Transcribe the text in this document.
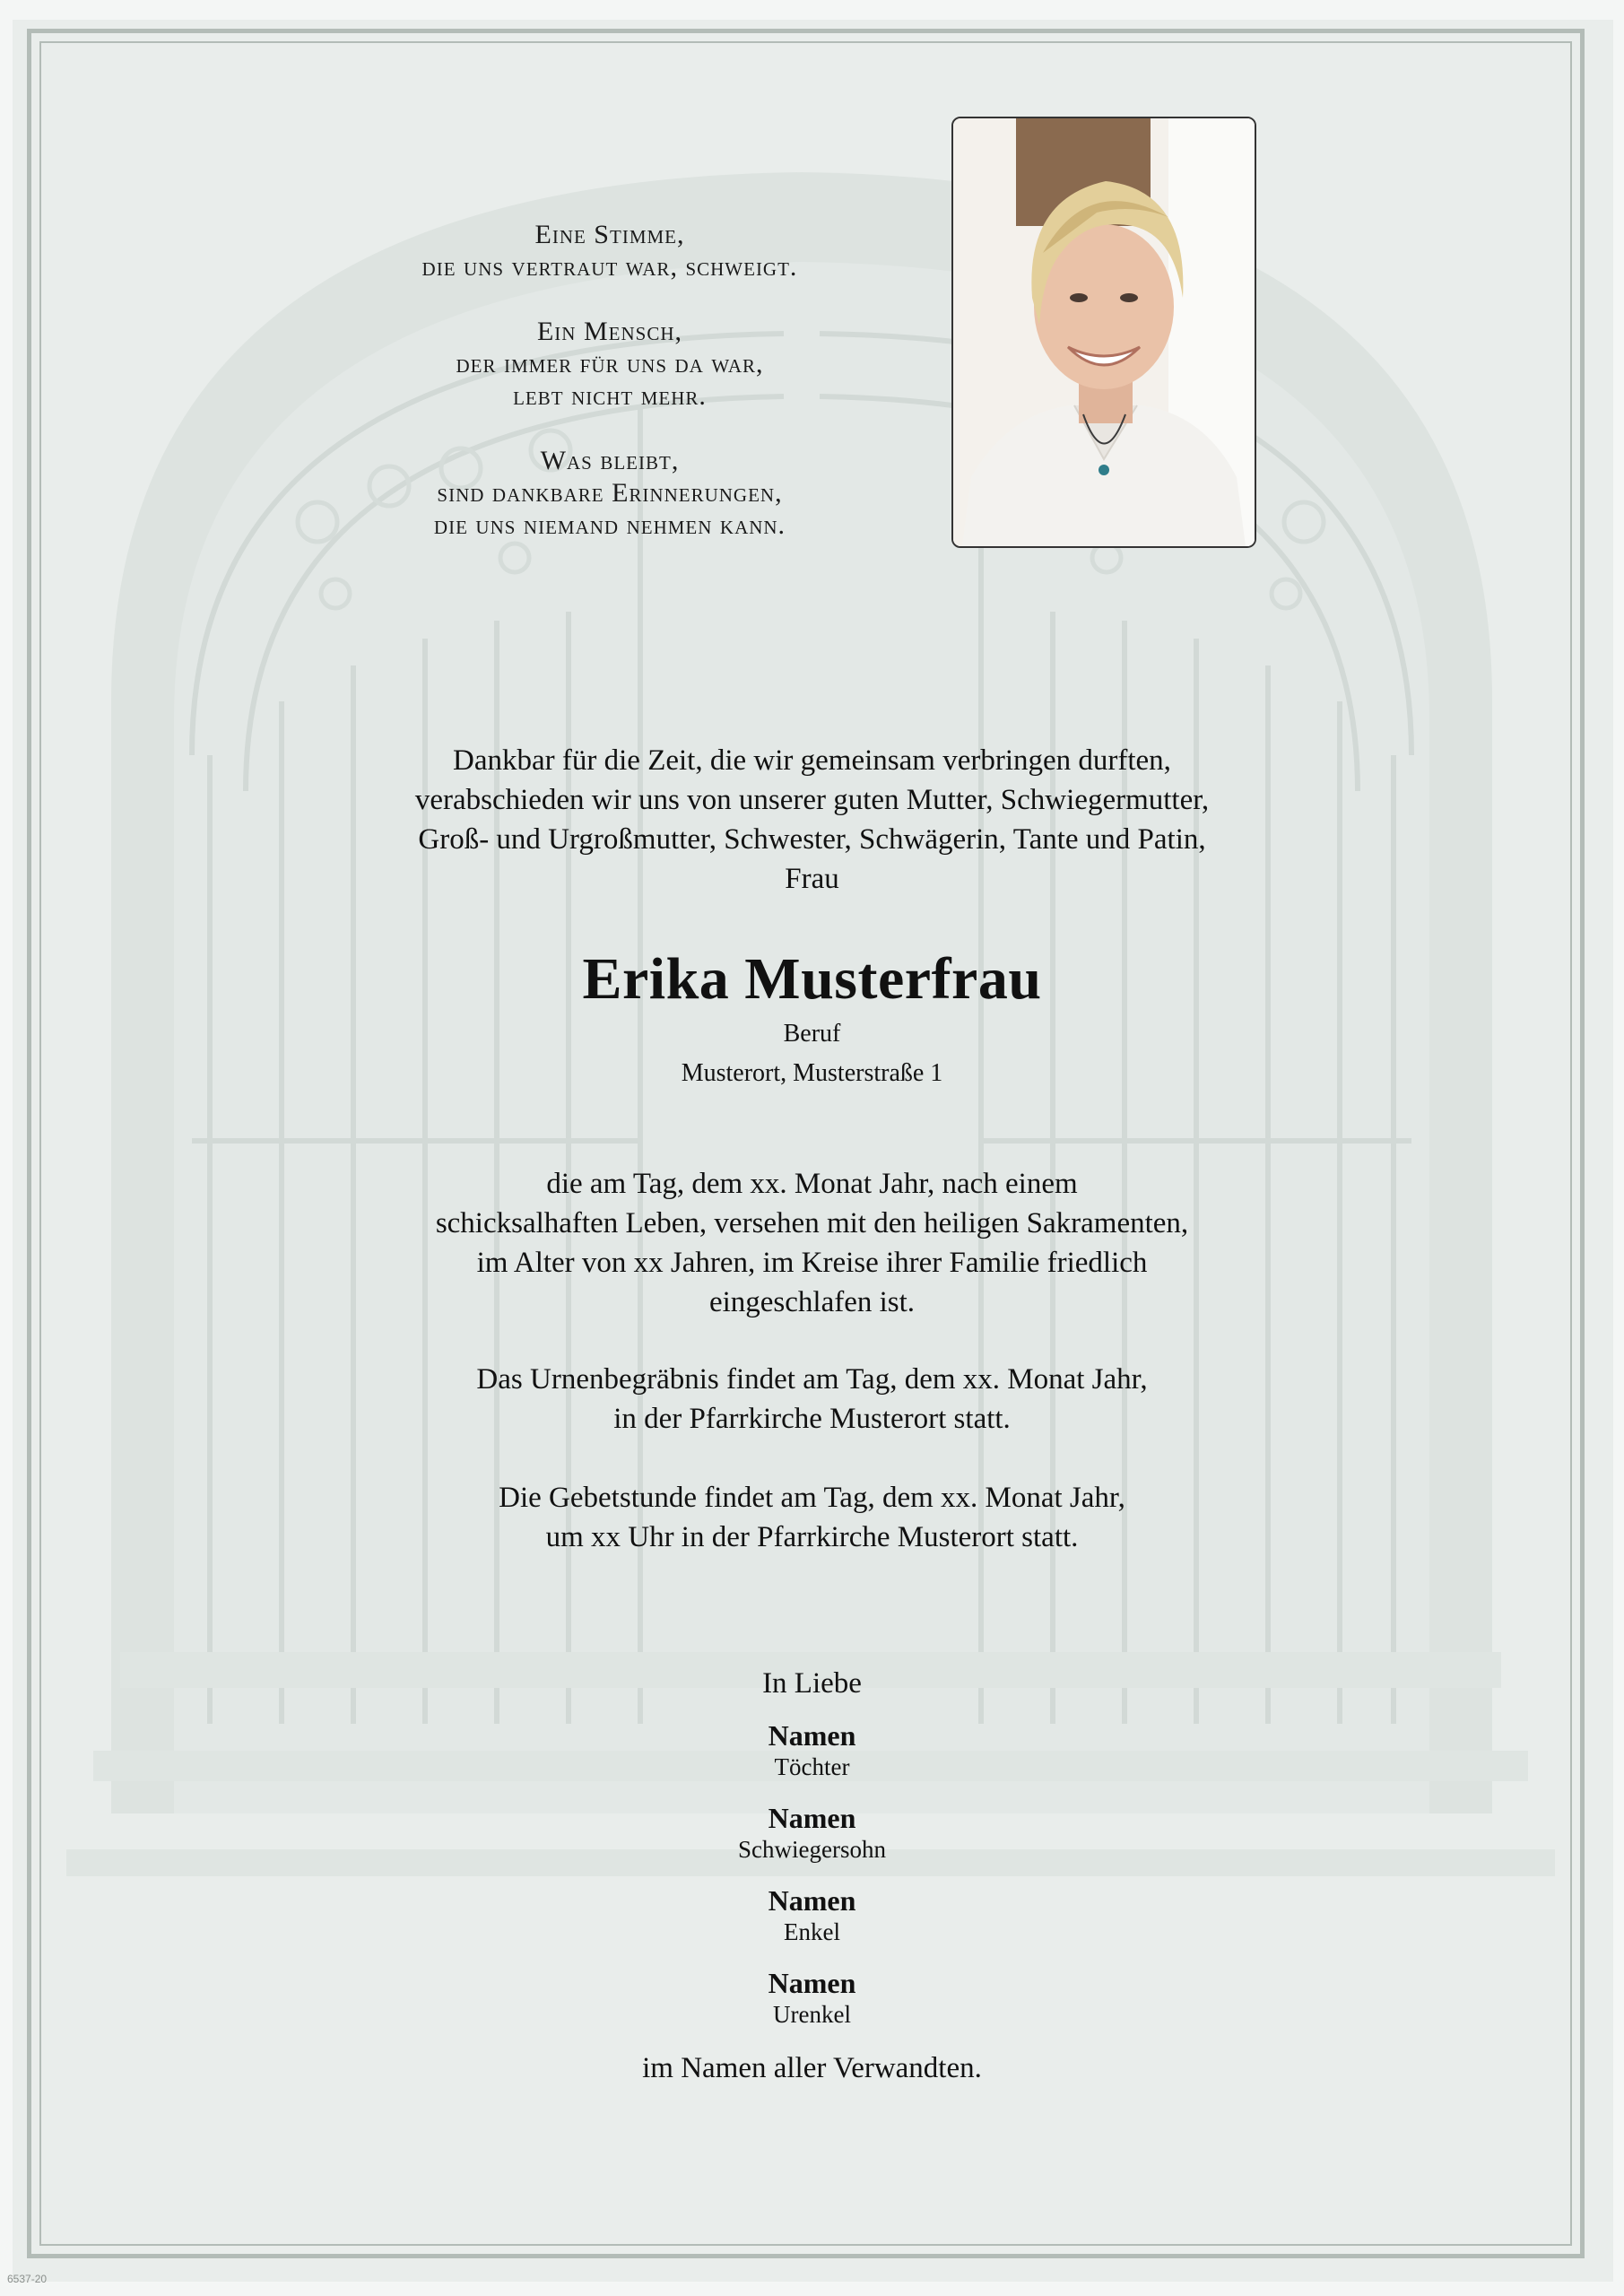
Eine Stimme,
die uns vertraut war, schweigt.
Ein Mensch,
der immer für uns da war,
lebt nicht mehr.
Was bleibt,
sind dankbare Erinnerungen,
die uns niemand nehmen kann.
Dankbar für die Zeit, die wir gemeinsam verbringen durften,
verabschieden wir uns von unserer guten Mutter, Schwiegermutter,
Groß- und Urgroßmutter, Schwester, Schwägerin, Tante und Patin,
Frau
Erika Musterfrau
Beruf
Musterort, Musterstraße 1
die am Tag, dem xx. Monat Jahr, nach einem
schicksalhaften Leben, versehen mit den heiligen Sakramenten,
im Alter von xx Jahren, im Kreise ihrer Familie friedlich
eingeschlafen ist.
Das Urnenbegräbnis findet am Tag, dem xx. Monat Jahr,
in der Pfarrkirche Musterort statt.
Die Gebetstunde findet am Tag, dem xx. Monat Jahr,
um xx Uhr in der Pfarrkirche Musterort statt.
In Liebe
Namen
Töchter
Namen
Schwiegersohn
Namen
Enkel
Namen
Urenkel
im Namen aller Verwandten.
6537-20
